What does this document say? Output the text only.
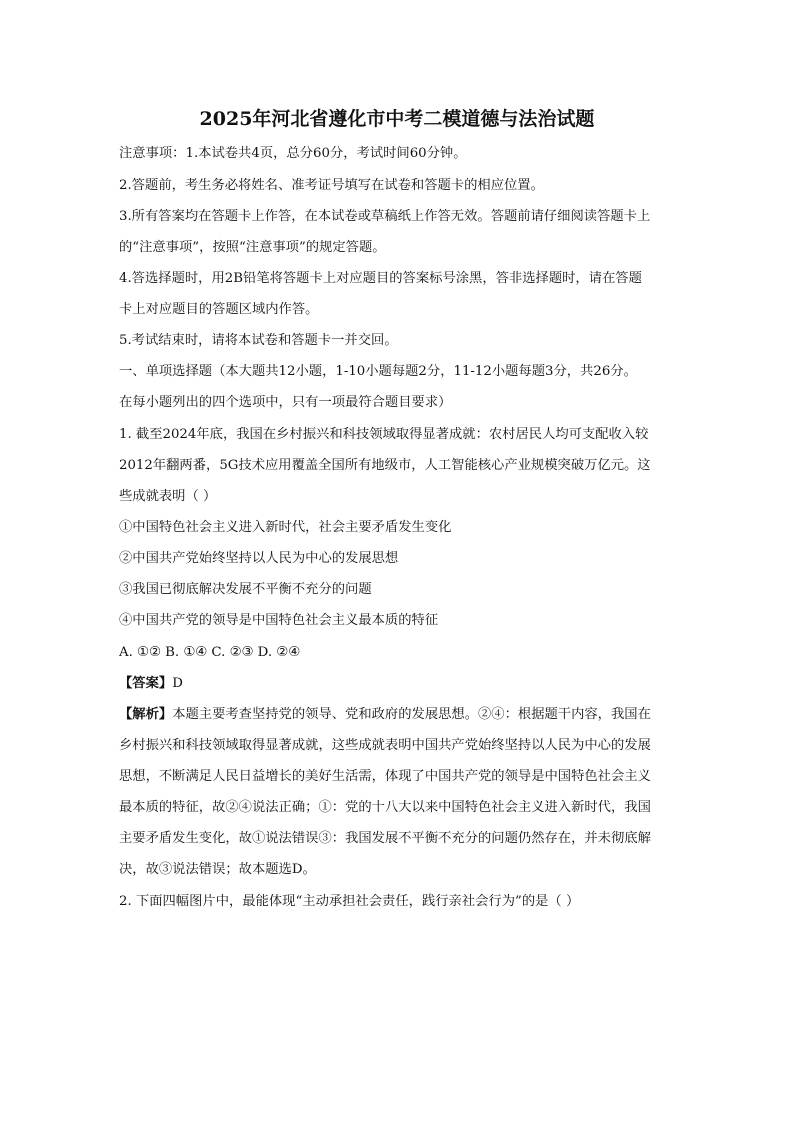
2025年河北省遵化市中考二模道德与法治试题
注意事项：1.本试卷共4页，总分60分，考试时间60分钟。
2.答题前，考生务必将姓名、准考证号填写在试卷和答题卡的相应位置。
3.所有答案均在答题卡上作答，在本试卷或草稿纸上作答无效。答题前请仔细阅读答题卡上
的“注意事项”，按照“注意事项”的规定答题。
4.答选择题时，用2B铅笔将答题卡上对应题目的答案标号涂黑，答非选择题时，请在答题
卡上对应题目的答题区域内作答。
5.考试结束时，请将本试卷和答题卡一并交回。
一、单项选择题（本大题共12小题，1-10小题每题2分，11-12小题每题3分，共26分。
在每小题列出的四个选项中，只有一项最符合题目要求）
1. 截至2024年底，我国在乡村振兴和科技领域取得显著成就：农村居民人均可支配收入较
2012年翻两番，5G技术应用覆盖全国所有地级市，人工智能核心产业规模突破万亿元。这
些成就表明（ ）
①中国特色社会主义进入新时代，社会主要矛盾发生变化
②中国共产党始终坚持以人民为中心的发展思想
③我国已彻底解决发展不平衡不充分的问题
④中国共产党的领导是中国特色社会主义最本质的特征
A. ①② B. ①④ C. ②③ D. ②④
【答案】D
【解析】本题主要考查坚持党的领导、党和政府的发展思想。②④：根据题干内容，我国在
乡村振兴和科技领域取得显著成就，这些成就表明中国共产党始终坚持以人民为中心的发展
思想，不断满足人民日益增长的美好生活需，体现了中国共产党的领导是中国特色社会主义
最本质的特征，故②④说法正确；①：党的十八大以来中国特色社会主义进入新时代，我国
主要矛盾发生变化，故①说法错误③：我国发展不平衡不充分的问题仍然存在，并未彻底解
决，故③说法错误；故本题选D。
2. 下面四幅图片中，最能体现“主动承担社会责任，践行亲社会行为”的是（ ）
